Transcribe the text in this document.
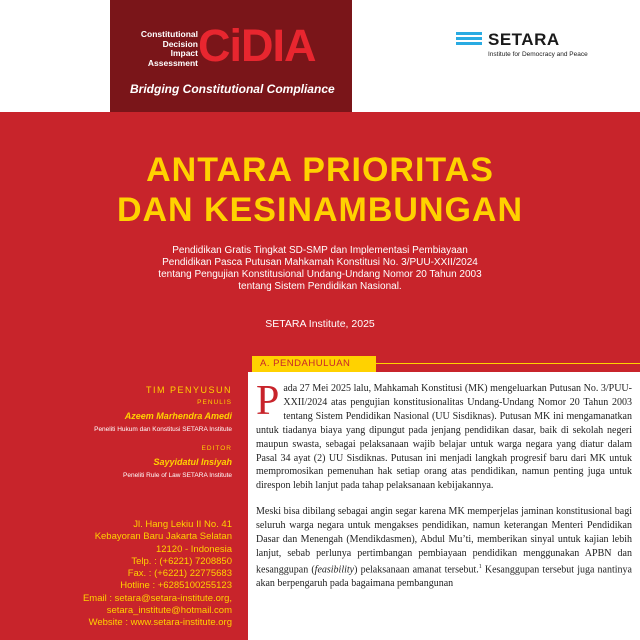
Constitutional
Decision
Impact
Assessment CiDIA
Bridging Constitutional Compliance
SETARA
Institute for Democracy and Peace
ANTARA PRIORITAS
DAN KESINAMBUNGAN
Pendidikan Gratis Tingkat SD-SMP dan Implementasi Pembiayaan
Pendidikan Pasca Putusan Mahkamah Konstitusi No. 3/PUU-XXII/2024
tentang Pengujian Konstitusional Undang-Undang Nomor 20 Tahun 2003
tentang Sistem Pendidikan Nasional.
SETARA Institute, 2025
A. PENDAHULUAN

Pada 27 Mei 2025 lalu, Mahkamah Konstitusi (MK) mengeluarkan Putusan No. 3/PUU-XXII/2024 atas pengujian konstitusionalitas Undang-Undang Nomor 20 Tahun 2003 tentang Sistem Pendidikan Nasional (UU Sisdiknas). Putusan MK ini mengamanatkan untuk tiadanya biaya yang dipungut pada jenjang pendidikan dasar, baik di sekolah negeri maupun swasta, sebagai pelaksanaan wajib belajar untuk warga negara yang diatur dalam Pasal 34 ayat (2) UU Sisdiknas. Putusan ini menjadi langkah progresif baru dari MK untuk mempromosikan pemenuhan hak setiap orang atas pendidikan, namun penting juga untuk direspon lebih lanjut pada tahap pelaksanaan kebijakannya.

Meski bisa dibilang sebagai angin segar karena MK memperjelas jaminan konstitusional bagi seluruh warga negara untuk mengakses pendidikan, namun keterangan Menteri Pendidikan Dasar dan Menengah (Mendikdasmen), Abdul Mu’ti, memberikan sinyal untuk kajian lebih lanjut, sebab perlunya pertimbangan pembiayaan pendidikan menggunakan APBN dan kesanggupan (feasibility) pelaksanaan amanat tersebut.$^1$ Kesanggupan tersebut juga nantinya akan berpengaruh pada bagaimana pembangunan

TIM PENYUSUN
PENULIS
Azeem Marhendra Amedi
Peneliti Hukum dan Konstitusi SETARA Institute
EDITOR
Sayyidatul Insiyah
Peneliti Rule of Law SETARA Institute
Jl. Hang Lekiu II No. 41
Kebayoran Baru Jakarta Selatan
12120 - Indonesia
Telp. : (+6221) 7208850
Fax. : (+6221) 22775683
Hotline : +6285100255123
Email : setara@setara-institute.org,
setara_institute@hotmail.com
Website : www.setara-institute.org
